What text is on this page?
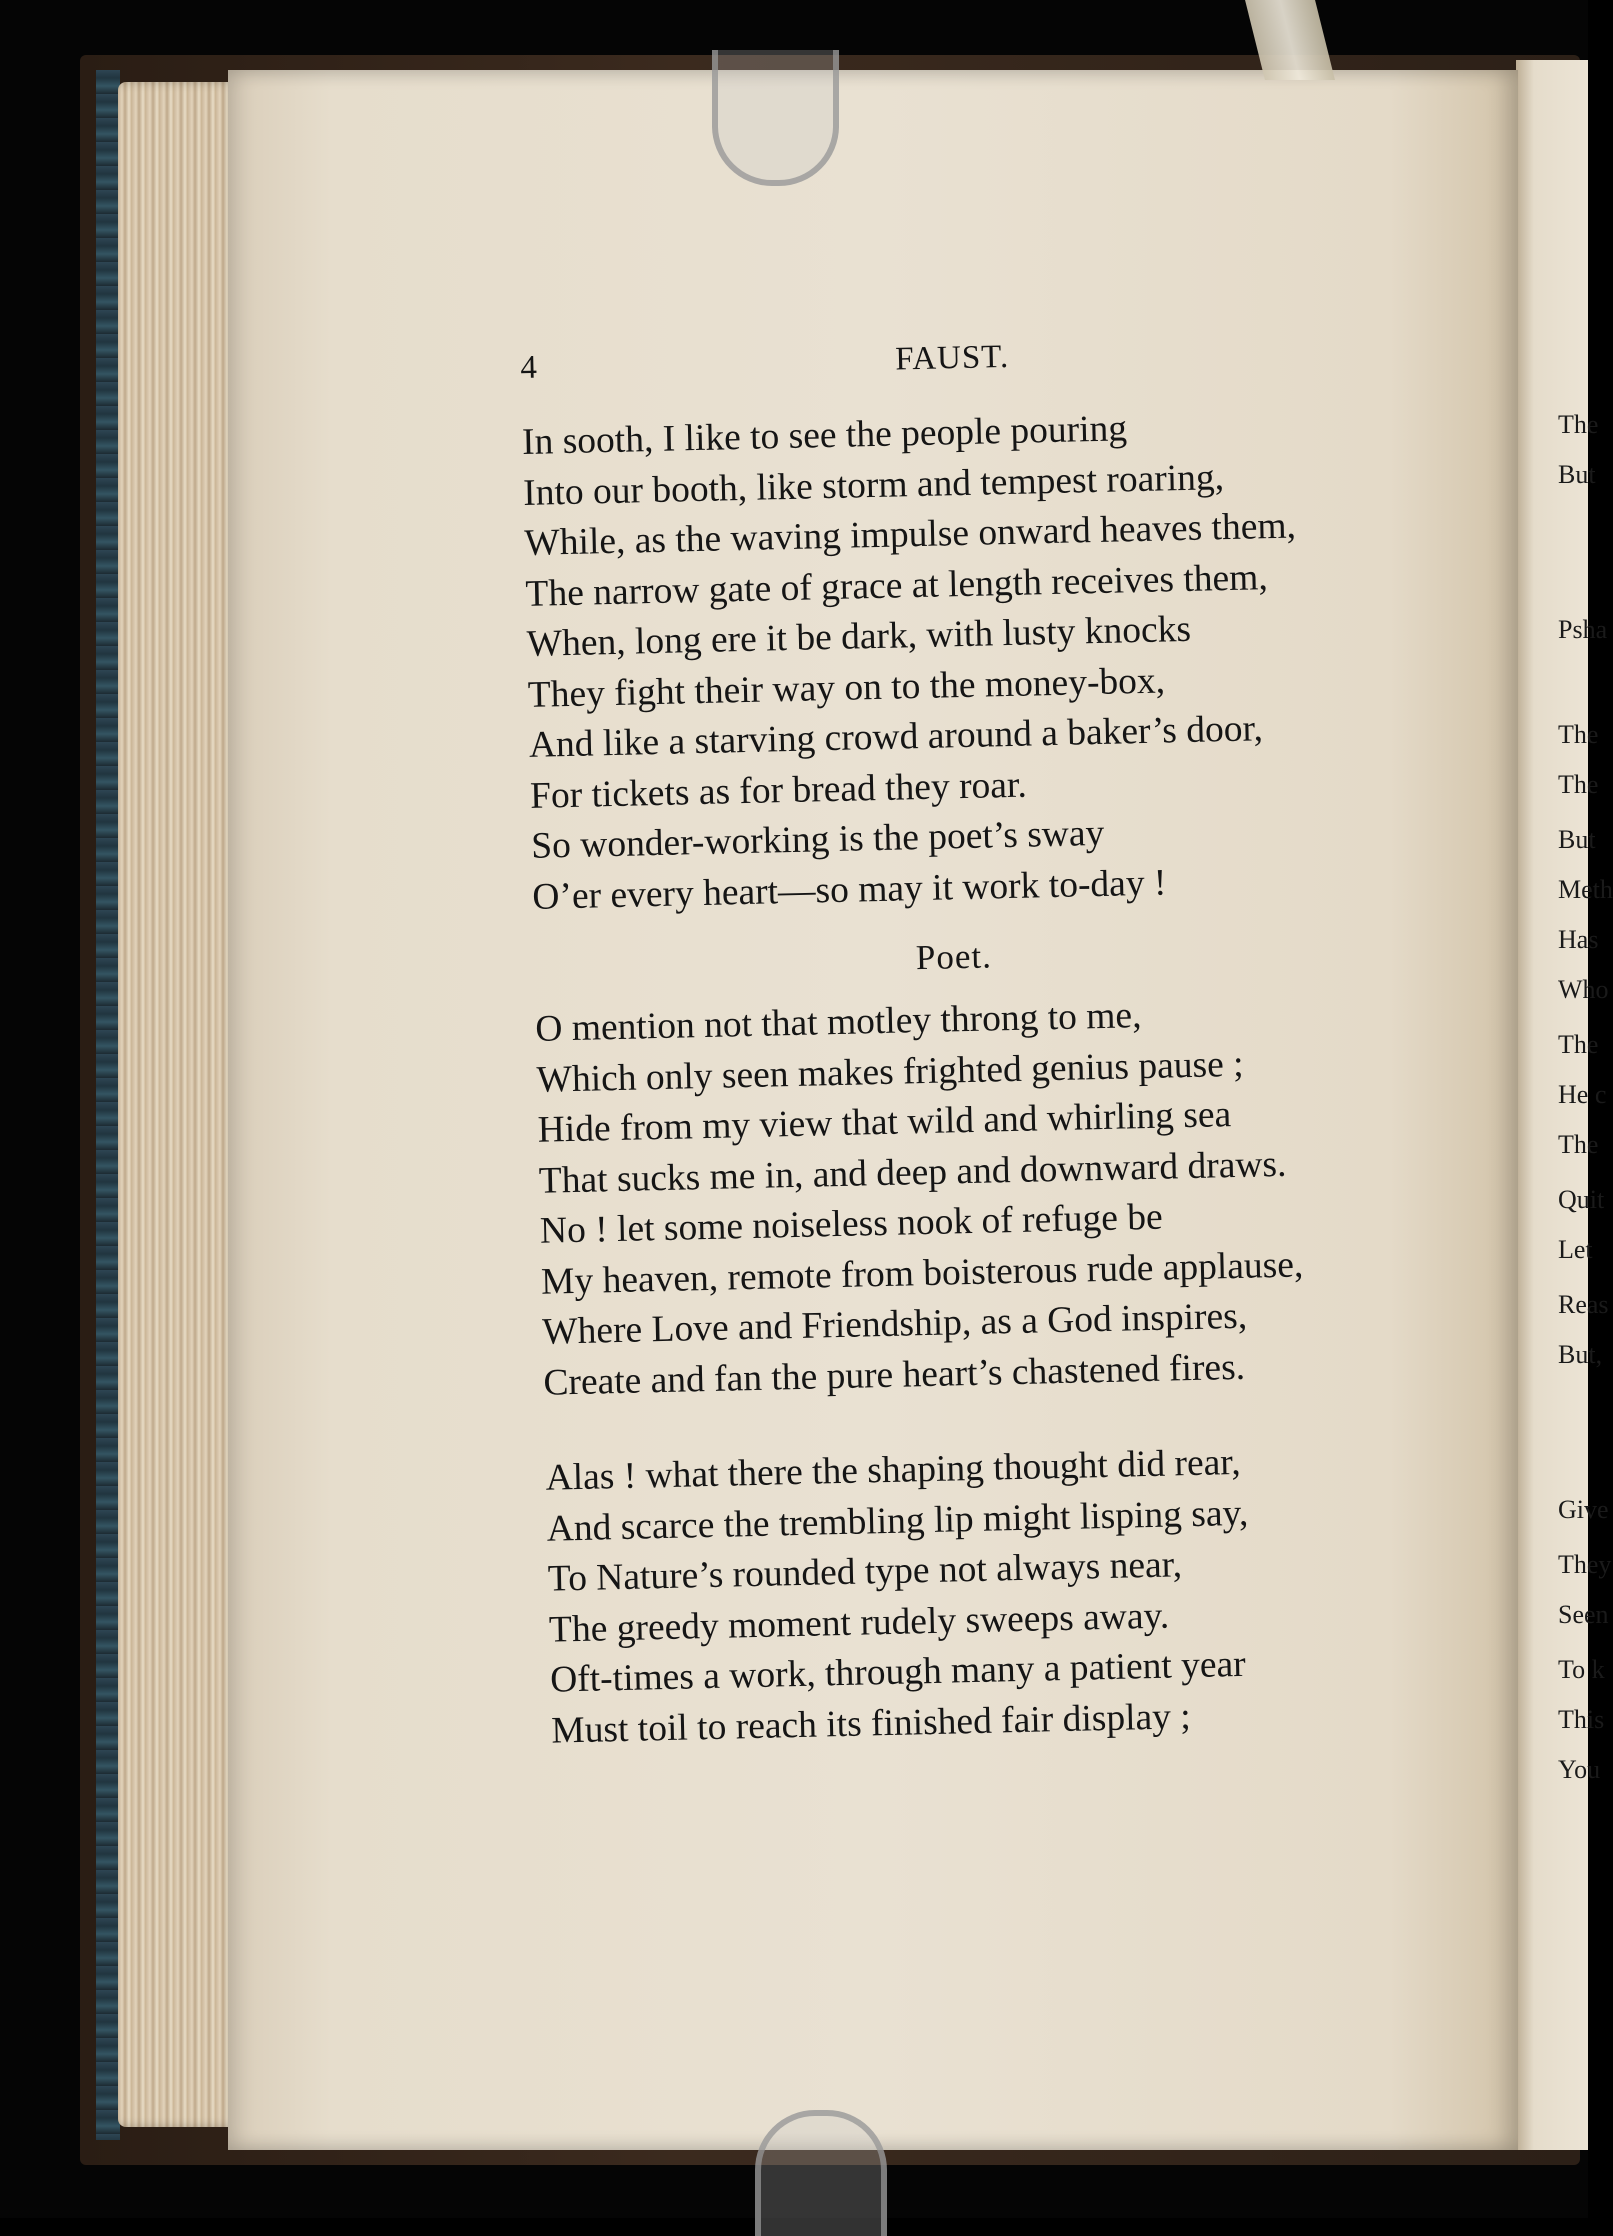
4	FAUST.
In sooth, I like to see the people pouring
Into our booth, like storm and tempest roaring,
While, as the waving impulse onward heaves them,
The narrow gate of grace at length receives them,
When, long ere it be dark, with lusty knocks
They fight their way on to the money-box,
And like a starving crowd around a baker’s door,
For tickets as for bread they roar.
So wonder-working is the poet’s sway
O’er every heart—so may it work to-day !
Poet.
O mention not that motley throng to me,
Which only seen makes frighted genius pause ;
Hide from my view that wild and whirling sea
That sucks me in, and deep and downward draws.
No ! let some noiseless nook of refuge be
My heaven, remote from boisterous rude applause,
Where Love and Friendship, as a God inspires,
Create and fan the pure heart’s chastened fires.
Alas ! what there the shaping thought did rear,
And scarce the trembling lip might lisping say,
To Nature’s rounded type not always near,
The greedy moment rudely sweeps away.
Oft-times a work, through many a patient year
Must toil to reach its finished fair display ;
The
But
Psha
The
The
But
Meth
Has
Who
The
He c
The
Quit
Let
Reas
But,
Give
They
Seen
To k
This
You
